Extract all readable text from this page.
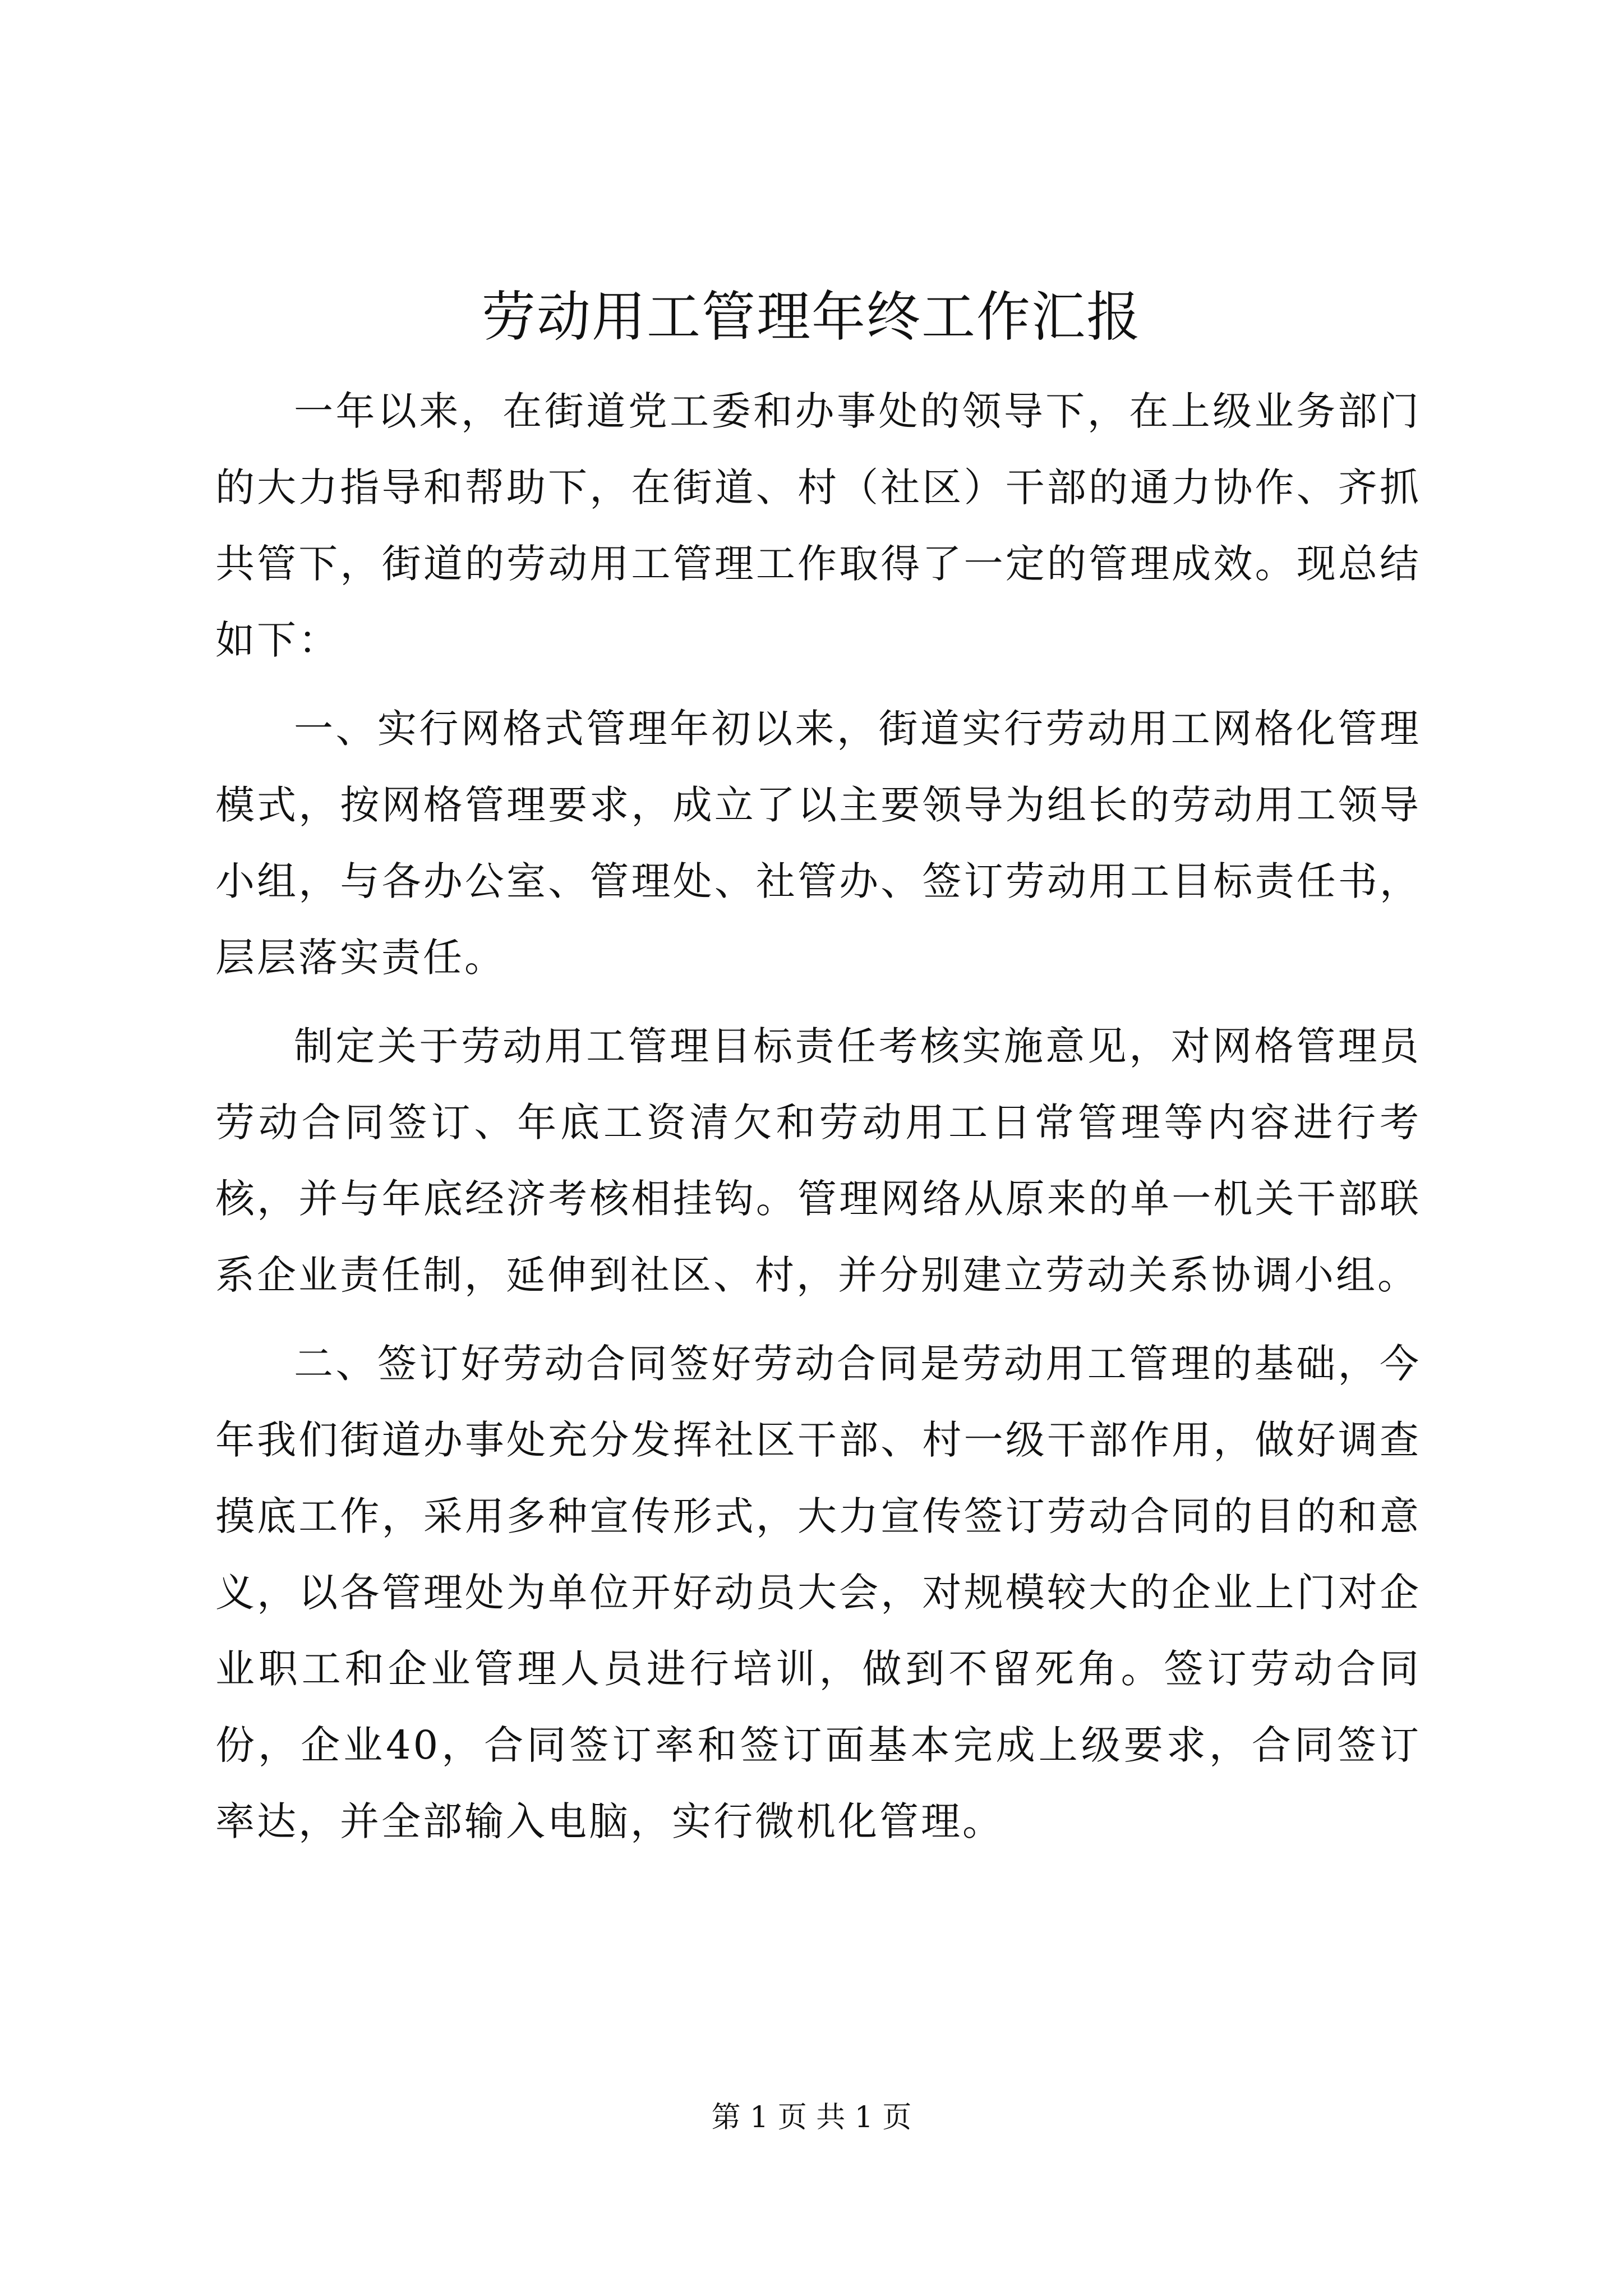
劳动用工管理年终工作汇报

一年以来，在街道党工委和办事处的领导下，在上级业务部门的大力指导和帮助下，在街道、村（社区）干部的通力协作、齐抓共管下，街道的劳动用工管理工作取得了一定的管理成效。现总结如下：

一、实行网格式管理年初以来，街道实行劳动用工网格化管理模式，按网格管理要求，成立了以主要领导为组长的劳动用工领导小组，与各办公室、管理处、社管办、签订劳动用工目标责任书，层层落实责任。

制定关于劳动用工管理目标责任考核实施意见，对网格管理员劳动合同签订、年底工资清欠和劳动用工日常管理等内容进行考核，并与年底经济考核相挂钩。管理网络从原来的单一机关干部联系企业责任制，延伸到社区、村，并分别建立劳动关系协调小组。

二、签订好劳动合同签好劳动合同是劳动用工管理的基础，今年我们街道办事处充分发挥社区干部、村一级干部作用，做好调查摸底工作，采用多种宣传形式，大力宣传签订劳动合同的目的和意义，以各管理处为单位开好动员大会，对规模较大的企业上门对企业职工和企业管理人员进行培训，做到不留死角。签订劳动合同份，企业40，合同签订率和签订面基本完成上级要求，合同签订率达，并全部输入电脑，实行微机化管理。

第 1 页 共 1 页
